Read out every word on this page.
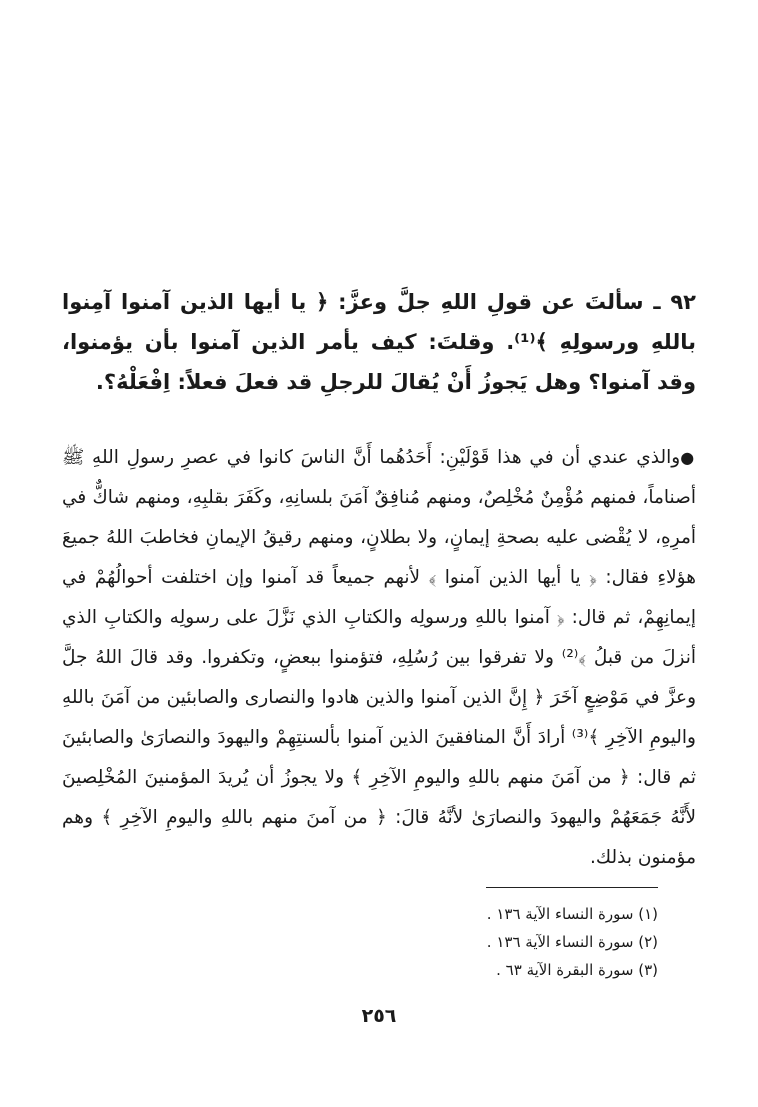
٩٢ ـ سألتَ عن قولِ اللهِ جلَّ وعزَّ: ﴿ يا أيها الذين آمنوا آمِنوا باللهِ ورسولِهِ ﴾⁽¹⁾. وقلتَ: كيف يأمر الذين آمنوا بأن يؤمنوا، وقد آمنوا؟ وهل يَجوزُ أَنْ يُقالَ للرجلِ قد فعلَ فعلاً: اِفْعَلْهُ؟.

●والذي عندي أن في هذا قَوْلَيْنِ: أَحَدُهُما أَنَّ الناسَ كانوا في عصرِ رسولِ اللهِ ﷺ أصناماً، فمنهم مُؤْمِنٌ مُخْلِصٌ، ومنهم مُنافِقٌ آمَنَ بلسانِهِ، وكَفَرَ بقلبِهِ، ومنهم شاكٌّ في أمرِهِ، لا يُقْضى عليه بصحةِ إيمانٍ، ولا بطلانٍ، ومنهم رقيقُ الإيمانِ فخاطبَ اللهُ جميعَ هؤلاءِ فقال: ﴿ يا أيها الذين آمنوا ﴾ لأنهم جميعاً قد آمنوا وإن اختلفت أحوالُهُمْ في إيمانِهِمْ، ثم قال: ﴿ آمنوا باللهِ ورسولِه والكتابِ الذي نَزَّلَ على رسولِه والكتابِ الذي أنزلَ من قبلُ ﴾⁽²⁾ ولا تفرقوا بين رُسُلِهِ، فتؤمنوا ببعضٍ، وتكفروا. وقد قالَ اللهُ جلَّ وعزَّ في مَوْضِعٍ آخَرَ ﴿ إِنَّ الذين آمنوا والذين هادوا والنصارى والصابئين من آمَنَ باللهِ واليومِ الآخِرِ ﴾⁽³⁾ أرادَ أَنَّ المنافقينَ الذين آمنوا بألسنتِهِمْ واليهودَ والنصارَىٰ والصابئينَ ثم قال: ﴿ من آمَنَ منهم باللهِ واليومِ الآخِرِ ﴾ ولا يجوزُ أن يُريدَ المؤمنينَ المُخْلِصينَ لأَنَّهُ جَمَعَهُمْ واليهودَ والنصارَىٰ لأنَّهُ قالَ: ﴿ من آمنَ منهم باللهِ واليومِ الآخِرِ ﴾ وهم مؤمنون بذلك.

(١) سورة النساء الآية ١٣٦ .
(٢) سورة النساء الآية ١٣٦ .
(٣) سورة البقرة الآية ٦٣ .
٢٥٦
